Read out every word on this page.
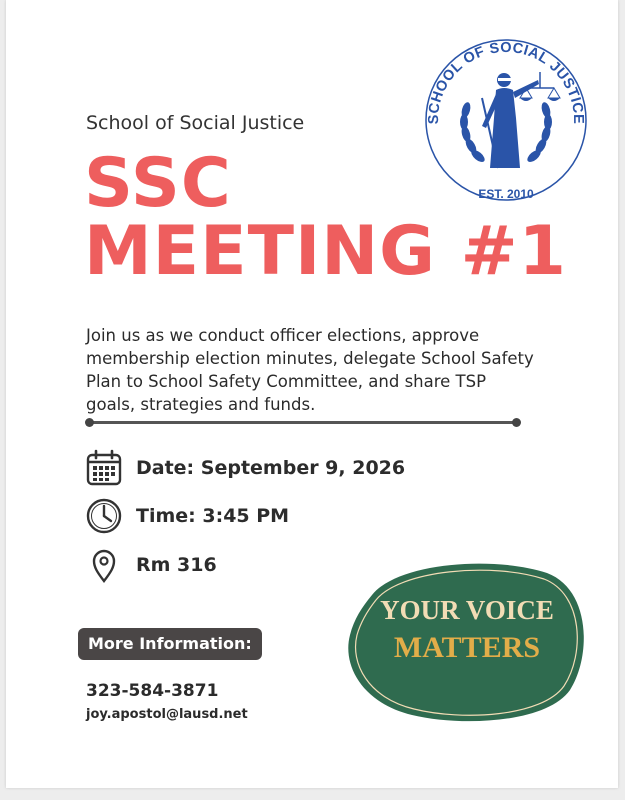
SCHOOL OF SOCIAL JUSTICE
EST. 2010
School of Social Justice
SSC
MEETING #1
Join us as we conduct officer elections, approve membership election minutes, delegate School Safety Plan to School Safety Committee, and share TSP goals, strategies and funds.
Date: September 9, 2026
Time: 3:45 PM
Rm 316
More Information:
323-584-3871
joy.apostol@lausd.net
YOUR VOICE
MATTERS
